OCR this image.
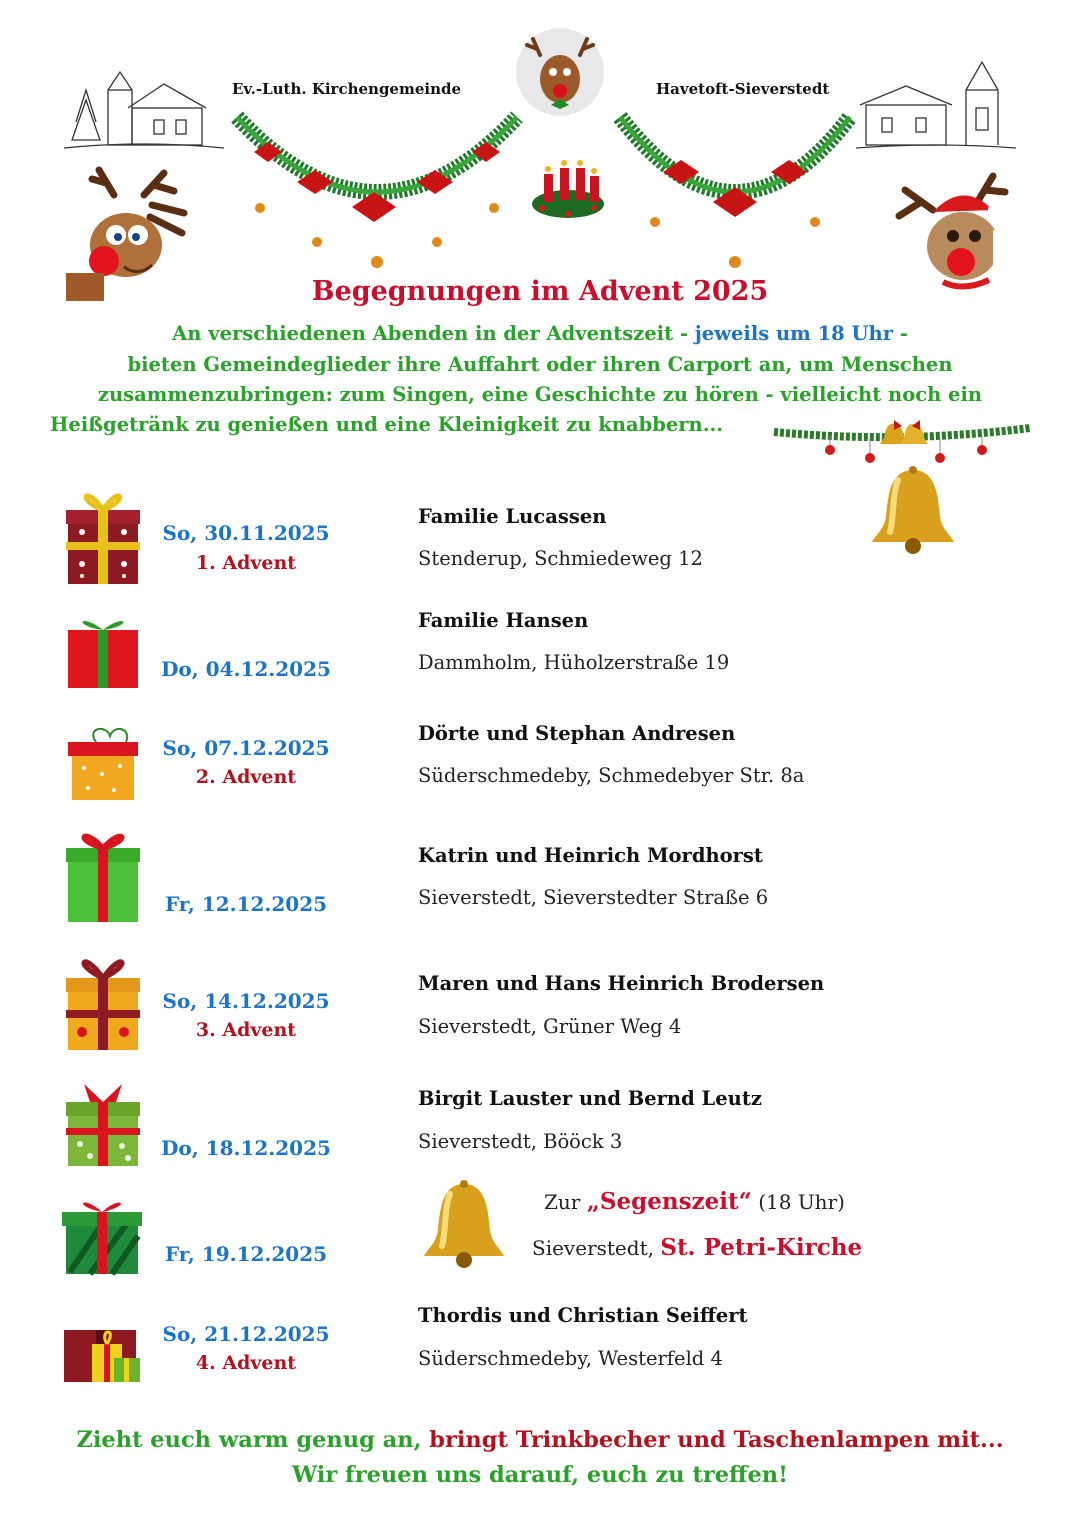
Ev.-Luth. Kirchengemeinde	Havetoft-Sieverstedt
Begegnungen im Advent 2025
An verschiedenen Abenden in der Adventszeit - jeweils um 18 Uhr -
bieten Gemeindeglieder ihre Auffahrt oder ihren Carport an, um Menschen
zusammenzubringen: zum Singen, eine Geschichte zu hören - vielleicht noch ein
Heißgetränk zu genießen und eine Kleinigkeit zu knabbern...
So, 30.11.2025
1. Advent
Do, 04.12.2025
So, 07.12.2025
2. Advent
Fr, 12.12.2025
So, 14.12.2025
3. Advent
Do, 18.12.2025
Fr, 19.12.2025
So, 21.12.2025
4. Advent
Familie Lucassen
Stenderup, Schmiedeweg 12
Familie Hansen
Dammholm, Hüholzerstraße 19
Dörte und Stephan Andresen
Süderschmedeby, Schmedebyer Str. 8a
Katrin und Heinrich Mordhorst
Sieverstedt, Sieverstedter Straße 6
Maren und Hans Heinrich Brodersen
Sieverstedt, Grüner Weg 4
Birgit Lauster und Bernd Leutz
Sieverstedt, Bööck 3
Thordis und Christian Seiffert
Süderschmedeby, Westerfeld 4
Zur „Segenszeit“ (18 Uhr)
Sieverstedt, St. Petri-Kirche
Zieht euch warm genug an, bringt Trinkbecher und Taschenlampen mit...
Wir freuen uns darauf, euch zu treffen!
